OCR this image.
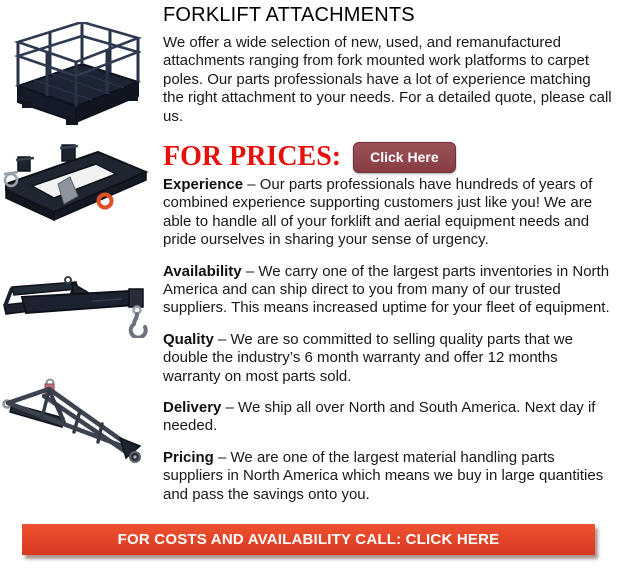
FORKLIFT ATTACHMENTS

We offer a wide selection of new, used, and remanufactured attachments ranging from fork mounted work platforms to carpet poles. Our parts professionals have a lot of experience matching the right attachment to your needs. For a detailed quote, please call us.

FOR PRICES:	Click Here

Experience – Our parts professionals have hundreds of years of combined experience supporting customers just like you! We are able to handle all of your forklift and aerial equipment needs and pride ourselves in sharing your sense of urgency.

Availability – We carry one of the largest parts inventories in North America and can ship direct to you from many of our trusted suppliers. This means increased uptime for your fleet of equipment.

Quality – We are so committed to selling quality parts that we double the industry’s 6 month warranty and offer 12 months warranty on most parts sold.

Delivery – We ship all over North and South America. Next day if needed.

Pricing – We are one of the largest material handling parts suppliers in North America which means we buy in large quantities and pass the savings onto you.

FOR COSTS AND AVAILABILITY CALL: CLICK HERE
